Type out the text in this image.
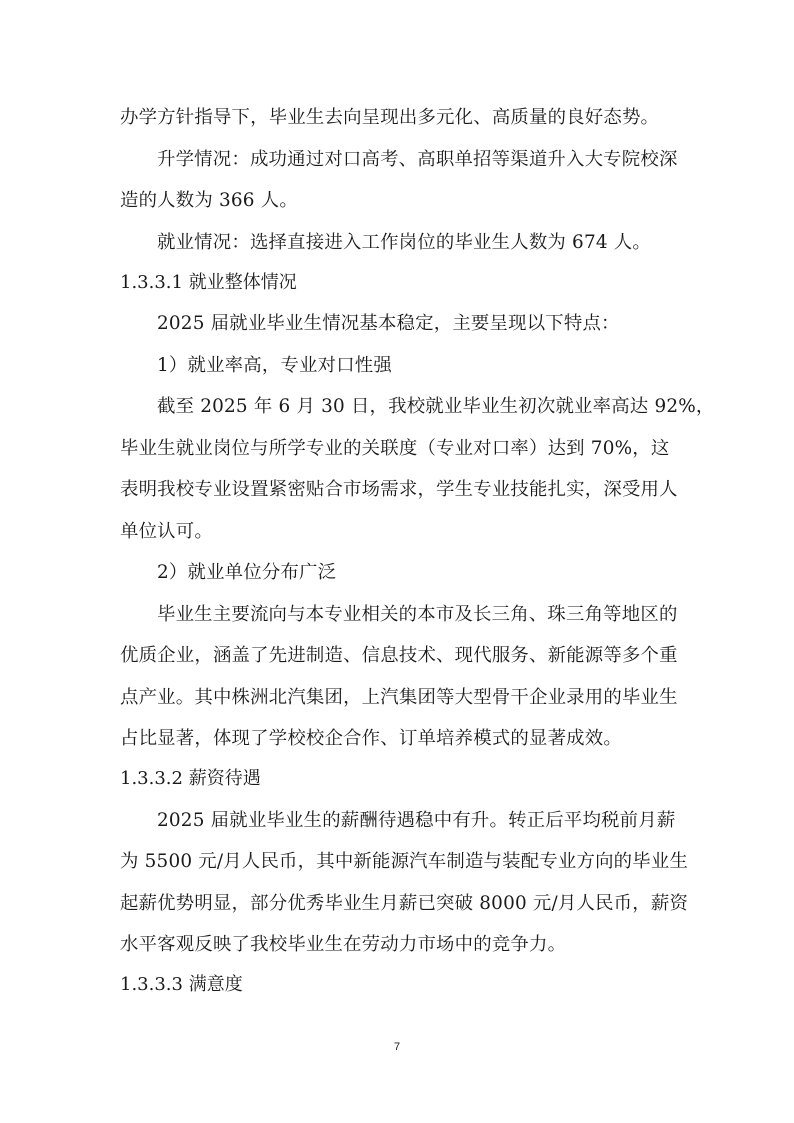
办学方针指导下，毕业生去向呈现出多元化、高质量的良好态势。
升学情况：成功通过对口高考、高职单招等渠道升入大专院校深
造的人数为 366 人。
就业情况：选择直接进入工作岗位的毕业生人数为 674 人。
1.3.3.1 就业整体情况
2025 届就业毕业生情况基本稳定，主要呈现以下特点：
1）就业率高，专业对口性强
截至 2025 年 6 月 30 日，我校就业毕业生初次就业率高达 92%，
毕业生就业岗位与所学专业的关联度（专业对口率）达到 70%，这
表明我校专业设置紧密贴合市场需求，学生专业技能扎实，深受用人
单位认可。
2）就业单位分布广泛
毕业生主要流向与本专业相关的本市及长三角、珠三角等地区的
优质企业，涵盖了先进制造、信息技术、现代服务、新能源等多个重
点产业。其中株洲北汽集团，上汽集团等大型骨干企业录用的毕业生
占比显著，体现了学校校企合作、订单培养模式的显著成效。
1.3.3.2 薪资待遇
2025 届就业毕业生的薪酬待遇稳中有升。转正后平均税前月薪
为 5500 元/月人民币，其中新能源汽车制造与装配专业方向的毕业生
起薪优势明显，部分优秀毕业生月薪已突破 8000 元/月人民币，薪资
水平客观反映了我校毕业生在劳动力市场中的竞争力。
1.3.3.3 满意度
7
